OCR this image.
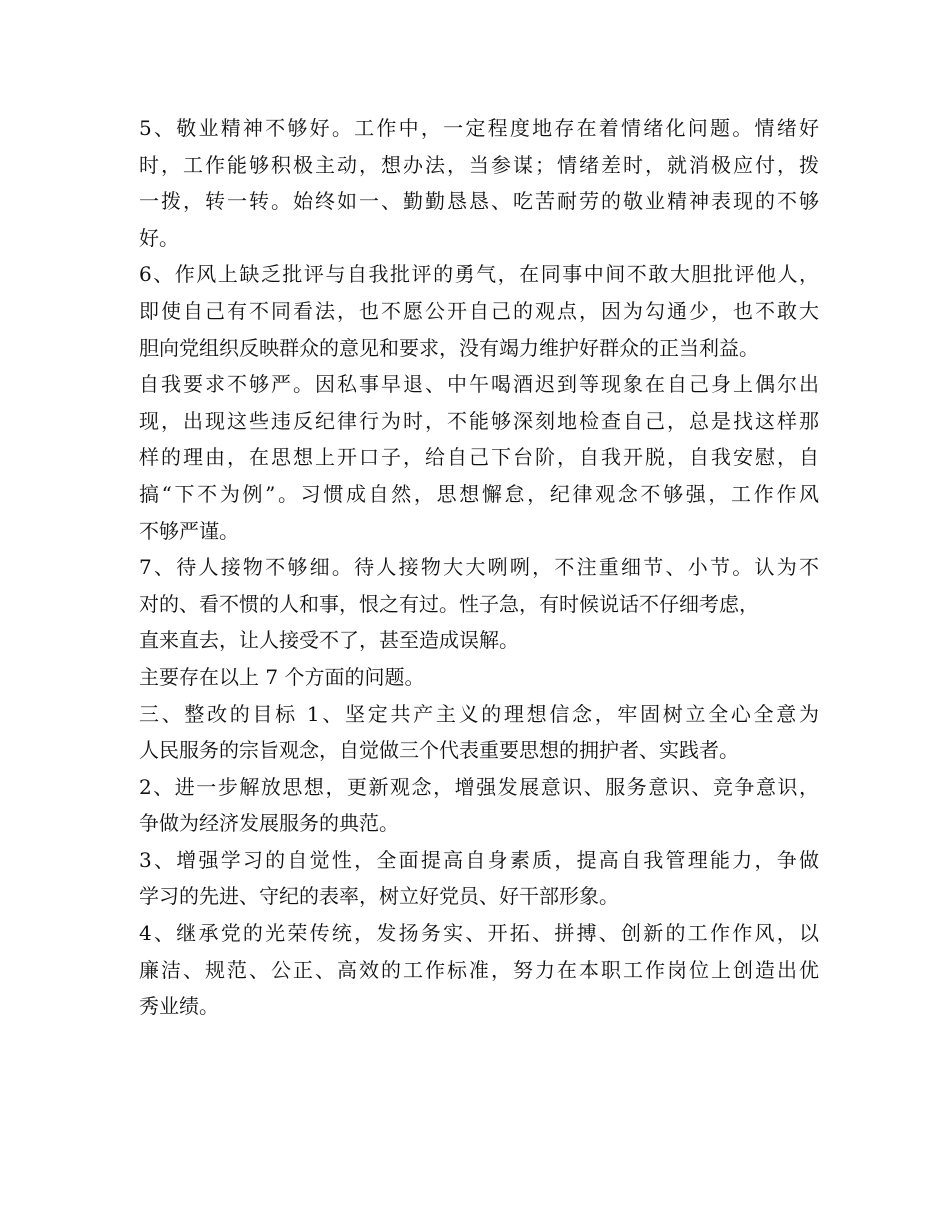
5、敬业精神不够好。工作中，一定程度地存在着情绪化问题。情绪好
时，工作能够积极主动，想办法，当参谋；情绪差时，就消极应付，拨
一拨，转一转。始终如一、勤勤恳恳、吃苦耐劳的敬业精神表现的不够
好。
6、作风上缺乏批评与自我批评的勇气，在同事中间不敢大胆批评他人，
即使自己有不同看法，也不愿公开自己的观点，因为勾通少，也不敢大
胆向党组织反映群众的意见和要求，没有竭力维护好群众的正当利益。
自我要求不够严。因私事早退、中午喝酒迟到等现象在自己身上偶尔出
现，出现这些违反纪律行为时，不能够深刻地检查自己，总是找这样那
样的理由，在思想上开口子，给自己下台阶，自我开脱，自我安慰，自
搞“下不为例”。习惯成自然，思想懈怠，纪律观念不够强，工作作风
不够严谨。
7、待人接物不够细。待人接物大大咧咧，不注重细节、小节。认为不
对的、看不惯的人和事，恨之有过。性子急，有时候说话不仔细考虑，
直来直去，让人接受不了，甚至造成误解。
主要存在以上 7 个方面的问题。
三、整改的目标 1、坚定共产主义的理想信念，牢固树立全心全意为
人民服务的宗旨观念，自觉做三个代表重要思想的拥护者、实践者。
2、进一步解放思想，更新观念，增强发展意识、服务意识、竞争意识，
争做为经济发展服务的典范。
3、增强学习的自觉性，全面提高自身素质，提高自我管理能力，争做
学习的先进、守纪的表率，树立好党员、好干部形象。
4、继承党的光荣传统，发扬务实、开拓、拼搏、创新的工作作风，以
廉洁、规范、公正、高效的工作标准，努力在本职工作岗位上创造出优
秀业绩。
